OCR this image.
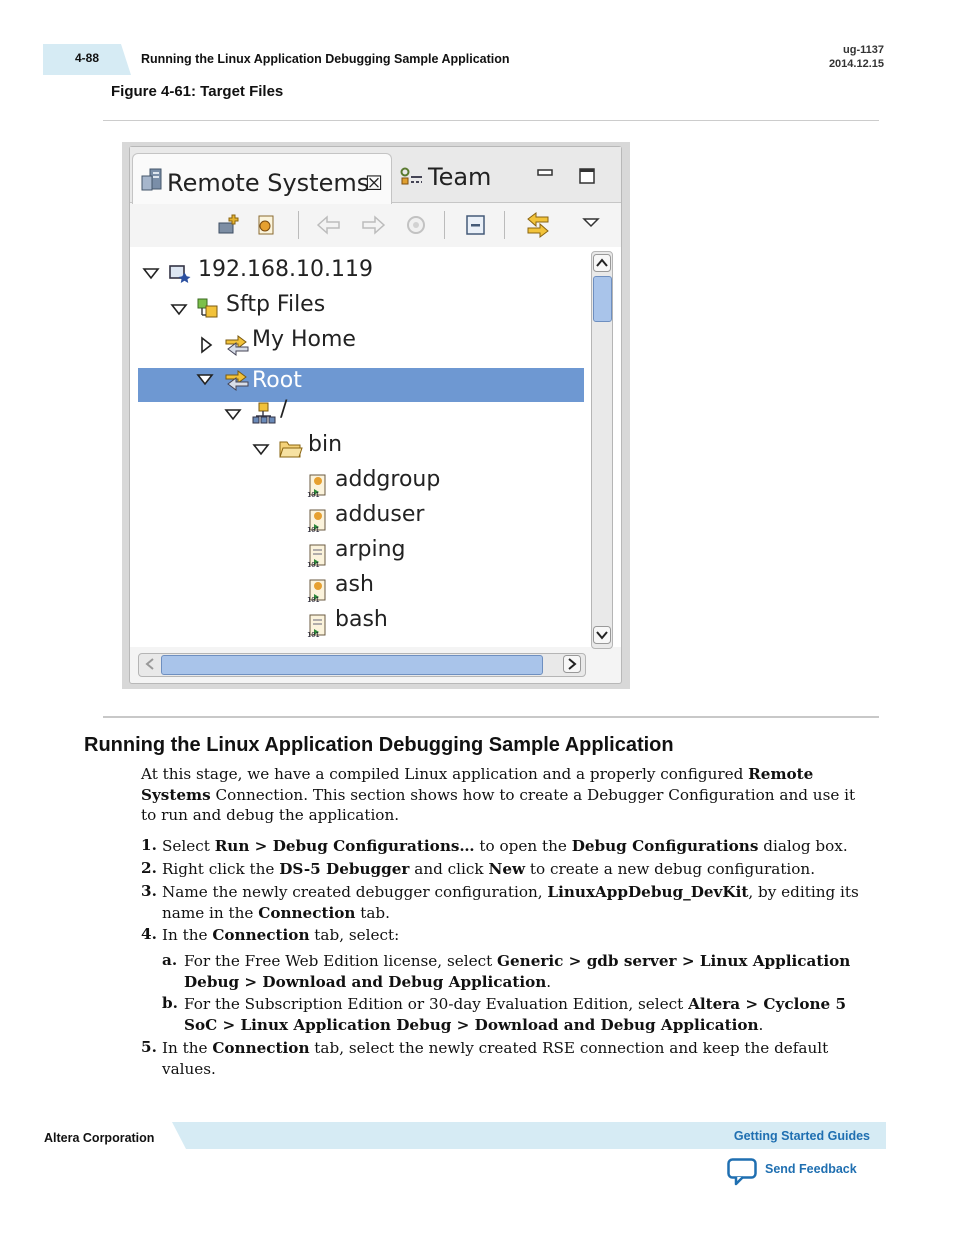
4-88	Running the Linux Application Debugging Sample Application
ug-1137
2014.12.15
Figure 4-61: Target Files
Remote Systems
☒ Team
192.168.10.119
Sftp Files
My Home
Root
/
bin
101
addgroup
101
adduser
101
arping
101
ash
101
bash
Running the Linux Application Debugging Sample Application
At this stage, we have a compiled Linux application and a properly configured Remote Systems Connection. This section shows how to create a Debugger Configuration and use it to run and debug the application.
1. Select Run > Debug Configurations… to open the Debug Configurations dialog box.
2. Right click the DS-5 Debugger and click New to create a new debug configuration.
3. Name the newly created debugger configuration, LinuxAppDebug_DevKit, by editing its name in the Connection tab.
4. In the Connection tab, select:
a. For the Free Web Edition license, select Generic > gdb server > Linux Application Debug > Download and Debug Application.
b. For the Subscription Edition or 30-day Evaluation Edition, select Altera > Cyclone 5 SoC > Linux Application Debug > Download and Debug Application.
5. In the Connection tab, select the newly created RSE connection and keep the default values.
Altera Corporation	Getting Started Guides
Send Feedback
